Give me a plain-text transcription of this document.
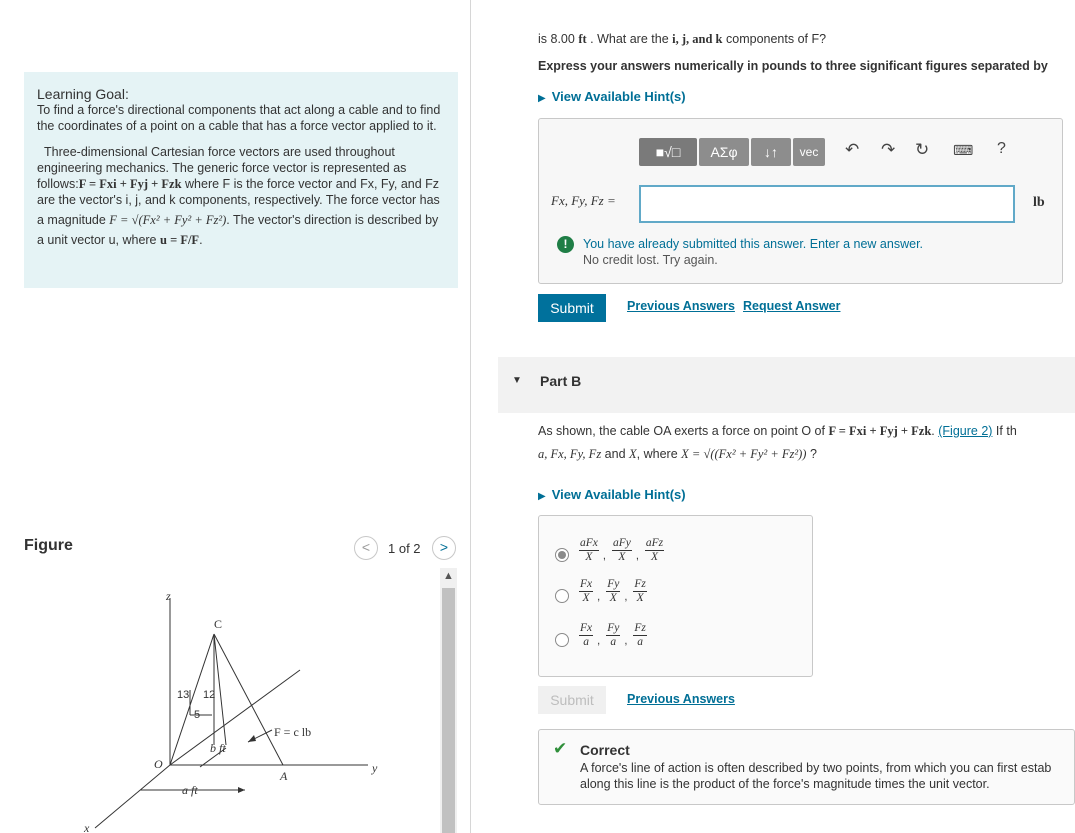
Learning Goal:
To find a force's directional components that act along a cable and to find the coordinates of a point on a cable that has a force vector applied to it.
Three-dimensional Cartesian force vectors are used throughout engineering mechanics. The generic force vector is represented as follows:F = Fxi + Fyj + Fzk where F is the force vector and Fx, Fy, and Fz are the vector's i, j, and k components, respectively. The force vector has a magnitude F = √(Fx² + Fy² + Fz²). The vector's direction is described by a unit vector u, where u = F/F.
Figure	<	1 of 2	>
z
C
13 12
5
F = c lb
b ft
O
A
y
a ft
x
▲
is 8.00 ft . What are the i, j, and k components of F?
Express your answers numerically in pounds to three significant figures separated by
▶ View Available Hint(s)
■√□	ΑΣφ	↓↑	vec	↶ ↷ ↻ ⌨ ?
Fx, Fy, Fz =	lb
!	You have already submitted this answer. Enter a new answer.
No credit lost. Try again.
Submit	Previous Answers Request Answer
▼ Part B
As shown, the cable OA exerts a force on point O of F = Fxi + Fyj + Fzk. (Figure 2) If th
a, Fx, Fy, Fz and X, where X = √((Fx² + Fy² + Fz²)) ?
▶ View Available Hint(s)
$\frac{\text{aFx}}{X}$ , $\frac{\text{aFy}}{X}$ , $\frac{\text{aFz}}{X}$
$\frac{Fx}{X}$ , $\frac{Fy}{X}$ , $\frac{Fz}{X}$
$\frac{Fx}{a}$ , $\frac{Fy}{a}$ , $\frac{Fz}{a}$
Submit	Previous Answers
✔ Correct
A force's line of action is often described by two points, from which you can first estab
along this line is the product of the force's magnitude times the unit vector.
